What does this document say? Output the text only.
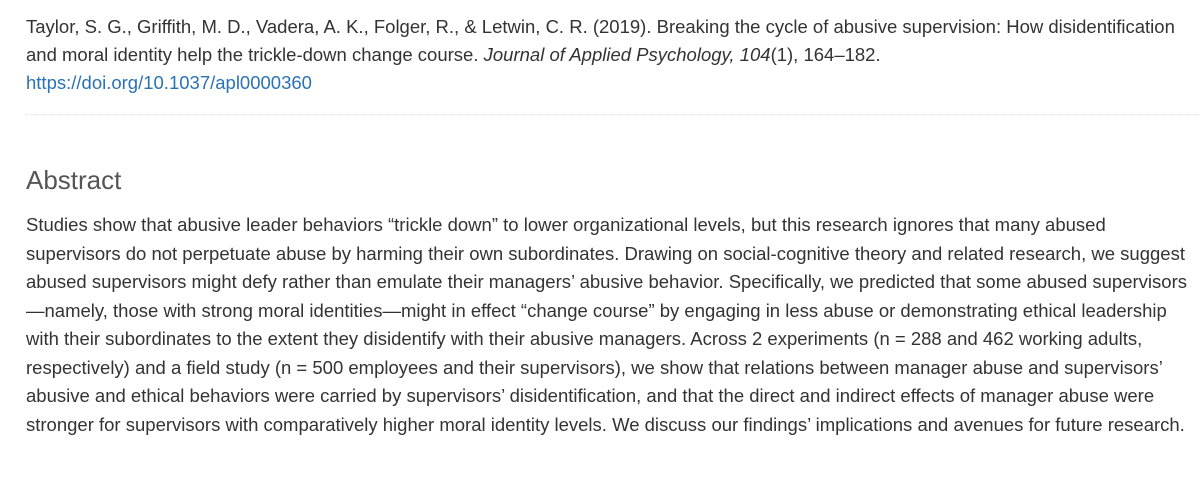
Taylor, S. G., Griffith, M. D., Vadera, A. K., Folger, R., & Letwin, C. R. (2019). Breaking the cycle of abusive supervision: How disidentification and moral identity help the trickle-down change course. Journal of Applied Psychology, 104(1), 164–182.
https://doi.org/10.1037/apl0000360

Abstract

Studies show that abusive leader behaviors “trickle down” to lower organizational levels, but this research ignores that many abused supervisors do not perpetuate abuse by harming their own subordinates. Drawing on social-cognitive theory and related research, we suggest abused supervisors might defy rather than emulate their managers’ abusive behavior. Specifically, we predicted that some abused supervisors—namely, those with strong moral identities—might in effect “change course” by engaging in less abuse or demonstrating ethical leadership with their subordinates to the extent they disidentify with their abusive managers. Across 2 experiments (n = 288 and 462 working adults, respectively) and a field study (n = 500 employees and their supervisors), we show that relations between manager abuse and supervisors’ abusive and ethical behaviors were carried by supervisors’ disidentification, and that the direct and indirect effects of manager abuse were stronger for supervisors with comparatively higher moral identity levels. We discuss our findings’ implications and avenues for future research.
